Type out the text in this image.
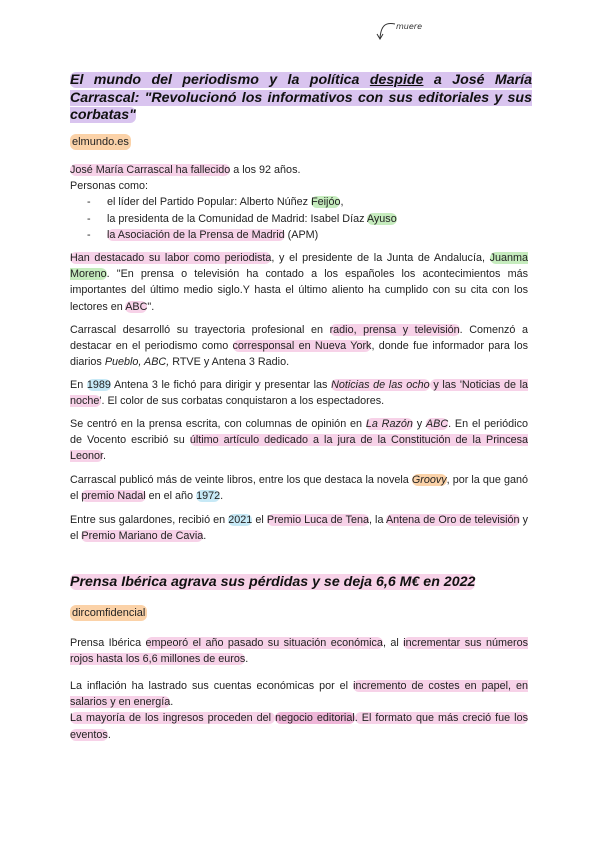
muere
El mundo del periodismo y la política despide a José María Carrascal: "Revolucionó los informativos con sus editoriales y sus corbatas"
elmundo.es

José María Carrascal ha fallecido a los 92 años.

Personas como:

- el líder del Partido Popular: Alberto Núñez Feijóo,
- la presidenta de la Comunidad de Madrid: Isabel Díaz Ayuso
- la Asociación de la Prensa de Madrid (APM)

Han destacado su labor como periodista, y el presidente de la Junta de Andalucía, Juanma Moreno. "En prensa o televisión ha contado a los españoles los acontecimientos más importantes del último medio siglo.Y hasta el último aliento ha cumplido con su cita con los lectores en ABC".

Carrascal desarrolló su trayectoria profesional en radio, prensa y televisión. Comenzó a destacar en el periodismo como corresponsal en Nueva York, donde fue informador para los diarios Pueblo, ABC, RTVE y Antena 3 Radio.

En 1989 Antena 3 le fichó para dirigir y presentar las Noticias de las ocho y las 'Noticias de la noche'. El color de sus corbatas conquistaron a los espectadores.

Se centró en la prensa escrita, con columnas de opinión en La Razón y ABC. En el periódico de Vocento escribió su último artículo dedicado a la jura de la Constitución de la Princesa Leonor.

Carrascal publicó más de veinte libros, entre los que destaca la novela Groovy, por la que ganó el premio Nadal en el año 1972.

Entre sus galardones, recibió en 2021 el Premio Luca de Tena, la Antena de Oro de televisión y el Premio Mariano de Cavia.

Prensa Ibérica agrava sus pérdidas y se deja 6,6 M€ en 2022
dircomfidencial

Prensa Ibérica empeoró el año pasado su situación económica, al incrementar sus números rojos hasta los 6,6 millones de euros.

La inflación ha lastrado sus cuentas económicas por el incremento de costes en papel, en salarios y en energía.

La mayoría de los ingresos proceden del negocio editorial. El formato que más creció fue los eventos.
